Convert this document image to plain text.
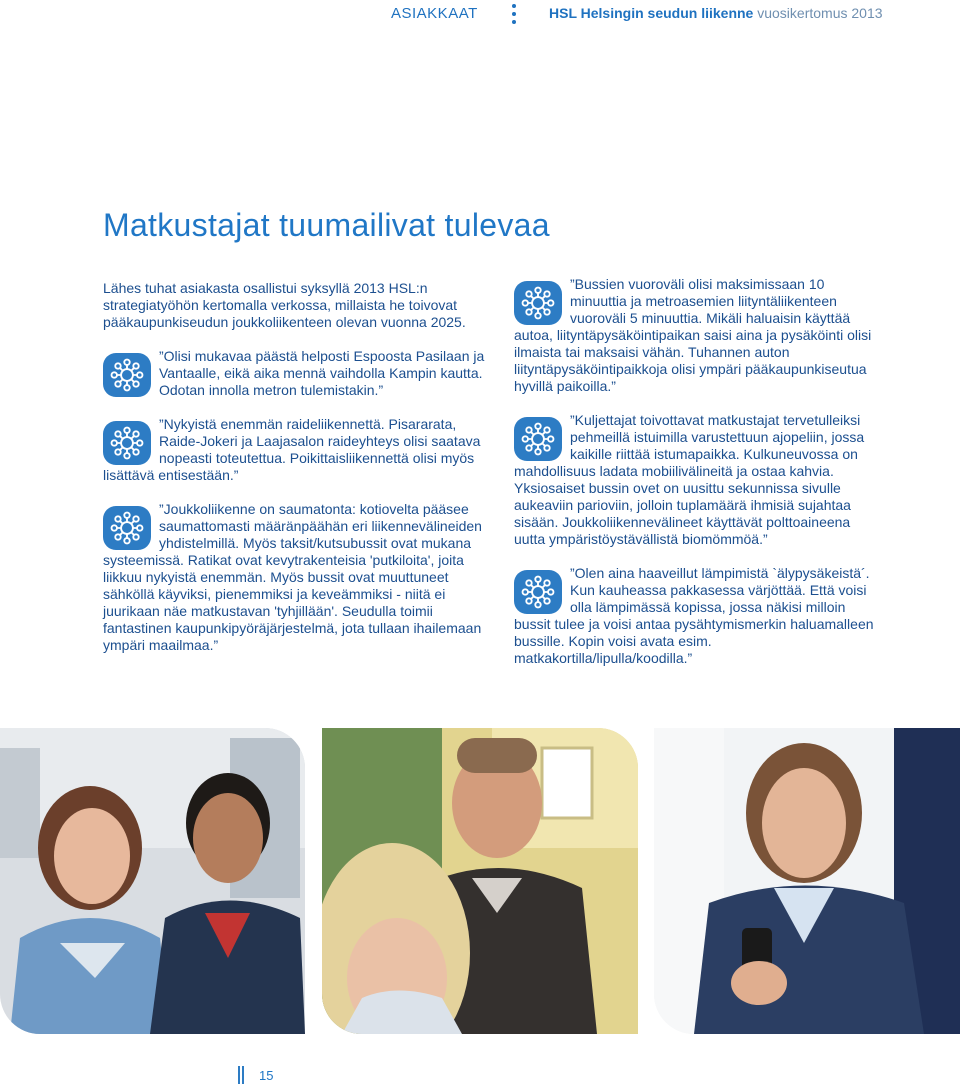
ASIAKKAAT	HSL Helsingin seudun liikenne vuosikertomus 2013
Matkustajat tuumailivat tulevaa

Lähes tuhat asiakasta osallistui syksyllä 2013 HSL:n strategiatyöhön kertomalla verkossa, millaista he toivovat pääkaupunkiseudun joukkoliikenteen olevan vuonna 2025.

”Olisi mukavaa päästä helposti Espoosta Pasilaan ja Vantaalle, eikä aika mennä vaihdolla Kampin kautta. Odotan innolla metron tulemistakin.”

”Nykyistä enemmän raideliikennettä. Pisararata, Raide-Jokeri ja Laajasalon raideyhteys olisi saatava nopeasti toteutettua. Poikittaisliikennettä olisi myös lisättävä entisestään.”

”Joukkoliikenne on saumatonta: kotiovelta pääsee saumattomasti määränpäähän eri liikennevälineiden yhdistelmillä. Myös taksit/kutsubussit ovat mukana systeemissä. Ratikat ovat kevytrakenteisia 'putkiloita', joita liikkuu nykyistä enemmän. Myös bussit ovat muuttuneet sähköllä käyviksi, pienemmiksi ja keveämmiksi - niitä ei juurikaan näe matkustavan 'tyhjillään'. Seudulla toimii fantastinen kaupunkipyöräjärjestelmä, jota tullaan ihailemaan ympäri maailmaa.”

”Bussien vuoroväli olisi maksimissaan 10 minuuttia ja metroasemien liityntäliikenteen vuoroväli 5 minuuttia. Mikäli haluaisin käyttää autoa, liityntäpysäköintipaikan saisi aina ja pysäköinti olisi ilmaista tai maksaisi vähän. Tuhannen auton liityntäpysäköintipaikkoja olisi ympäri pääkaupunkiseutua hyvillä paikoilla.”

”Kuljettajat toivottavat matkustajat tervetulleiksi pehmeillä istuimilla varustettuun ajopeliin, jossa kaikille riittää istumapaikka. Kulkuneuvossa on mahdollisuus ladata mobiilivälineitä ja ostaa kahvia. Yksiosaiset bussin ovet on uusittu sekunnissa sivulle aukeaviin parioviin, jolloin tuplamäärä ihmisiä sujahtaa sisään. Joukkoliikennevälineet käyttävät polttoaineena uutta ympäristöystävällistä biomömmöä.”

”Olen aina haaveillut lämpimistä `älypysäkeistä´. Kun kauheassa pakkasessa värjöttää. Että voisi olla lämpimässä kopissa, jossa näkisi milloin bussit tulee ja voisi antaa pysähtymismerkin haluamalleen bussille. Kopin voisi avata esim. matkakortilla/lipulla/koodilla.”

15
